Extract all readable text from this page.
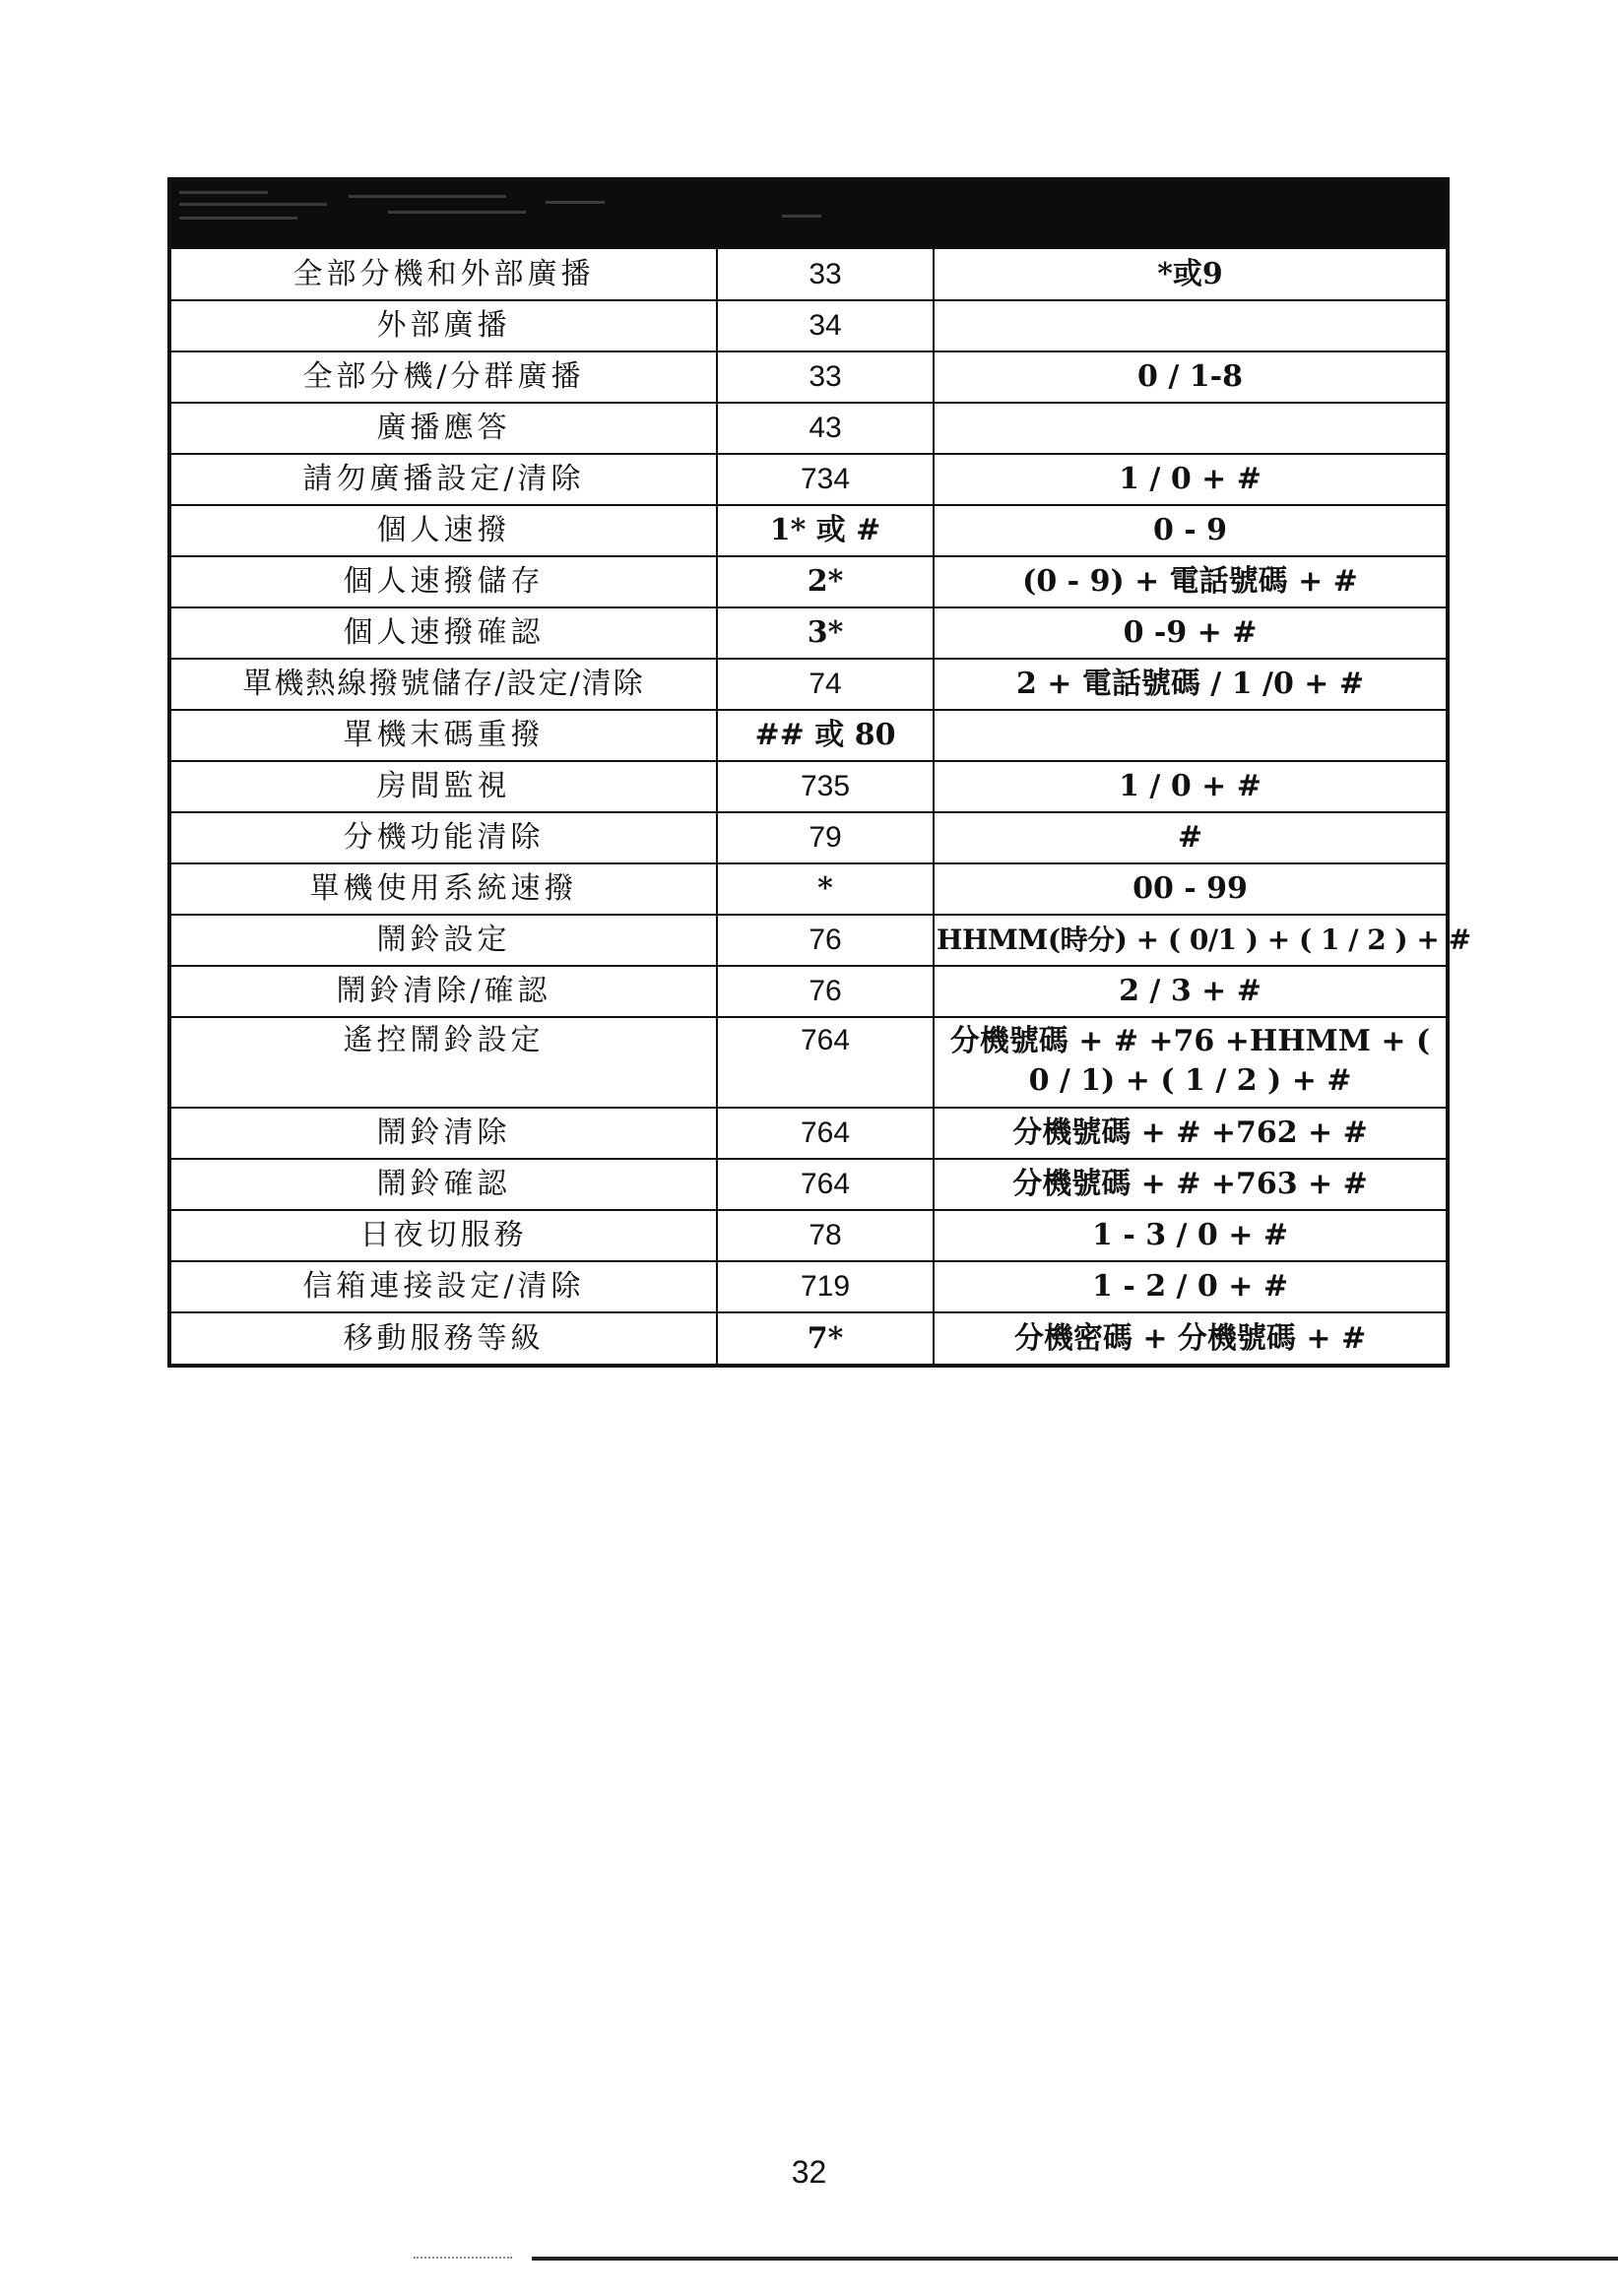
全部分機和外部廣播	33	*或9
外部廣播	34	
全部分機/分群廣播	33	0 / 1-8
廣播應答	43	
請勿廣播設定/清除	734	1 / 0 + #
個人速撥	1* 或 #	0 - 9
個人速撥儲存	2*	(0 - 9) + 電話號碼 + #
個人速撥確認	3*	0 -9 + #
單機熱線撥號儲存/設定/清除	74	2 + 電話號碼 / 1 /0 + #
單機末碼重撥	## 或 80	
房間監視	735	1 / 0 + #
分機功能清除	79	#
單機使用系統速撥	*	00 - 99
鬧鈴設定	76	HHMM(時分) + ( 0/1 ) + ( 1 / 2 ) + #
鬧鈴清除/確認	76	2 / 3 + #
遙控鬧鈴設定	764	分機號碼 + # +76 +HHMM + ( 0 / 1) + ( 1 / 2 ) + #
鬧鈴清除	764	分機號碼 + # +762 + #
鬧鈴確認	764	分機號碼 + # +763 + #
日夜切服務	78	1 - 3 / 0 + #
信箱連接設定/清除	719	1 - 2 / 0 + #
移動服務等級	7*	分機密碼 + 分機號碼 + #
32
